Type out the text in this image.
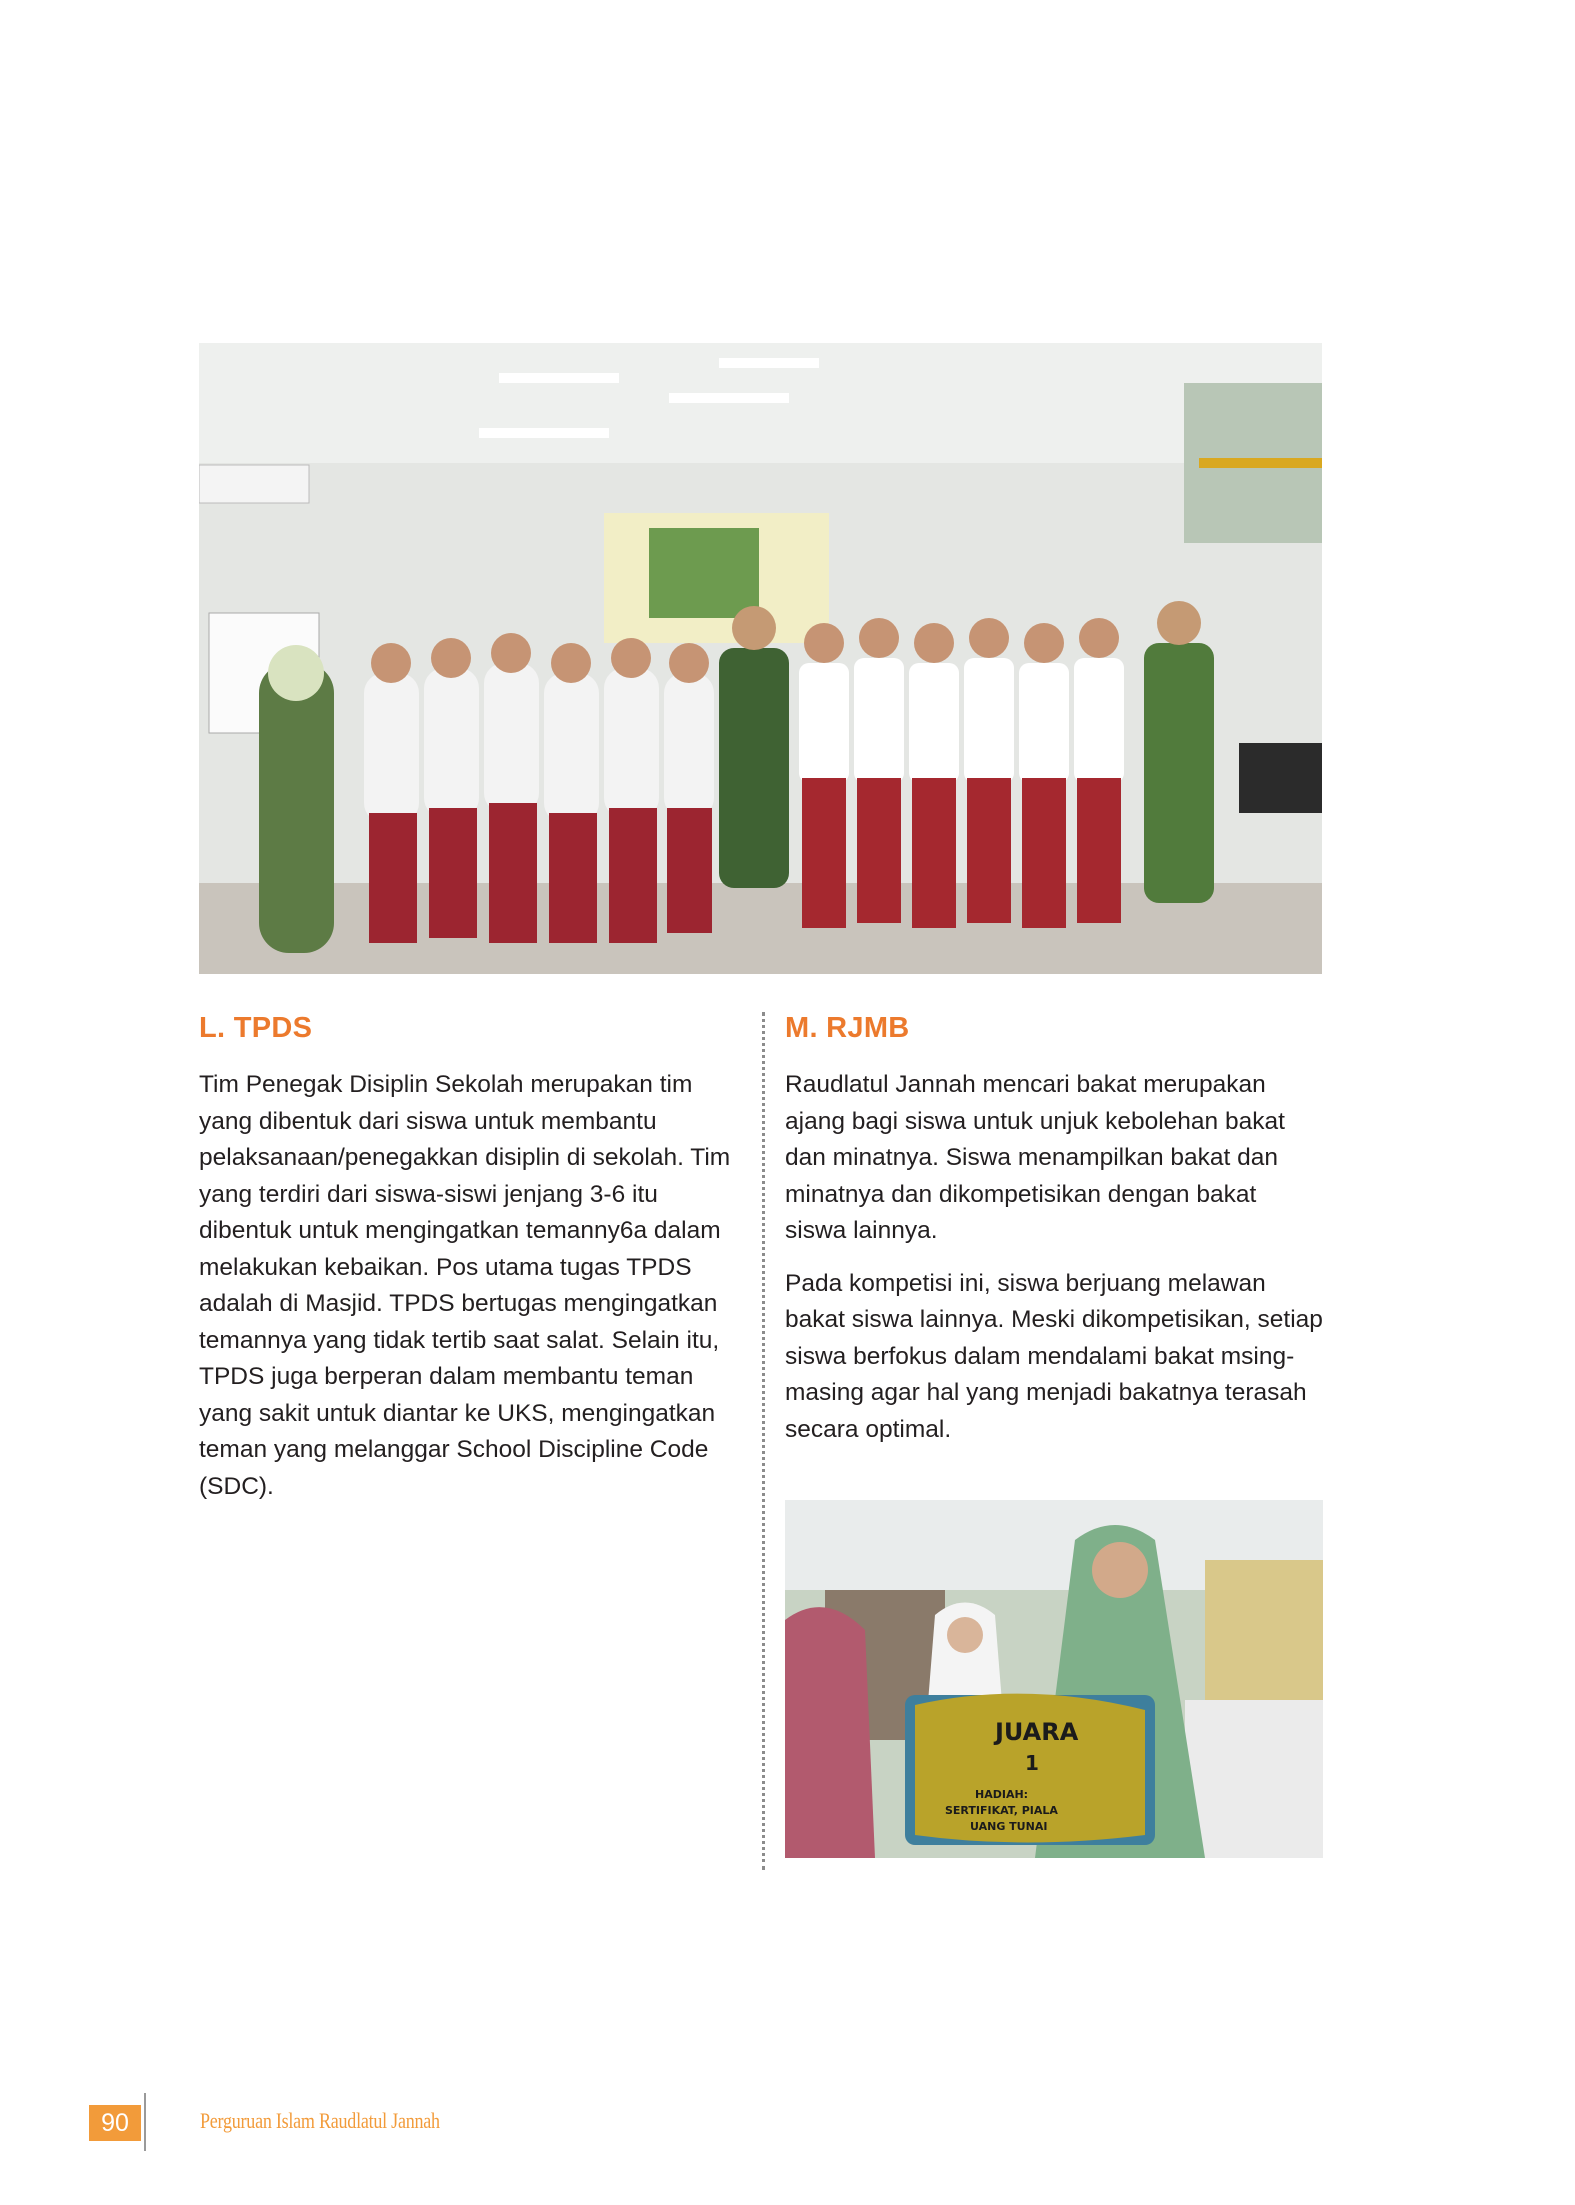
L. TPDS

Tim Penegak Disiplin Sekolah merupakan tim yang dibentuk dari siswa untuk membantu pelaksanaan/penegakkan disiplin di sekolah. Tim yang terdiri dari siswa-siswi jenjang 3-6 itu dibentuk untuk mengingatkan temanny6a dalam melakukan kebaikan. Pos utama tugas TPDS adalah di Masjid. TPDS bertugas mengingatkan temannya yang tidak tertib saat salat. Selain itu, TPDS juga berperan dalam membantu teman yang sakit untuk diantar ke UKS, mengingatkan teman yang melanggar School Discipline Code (SDC).

M. RJMB

Raudlatul Jannah mencari bakat merupakan ajang bagi siswa untuk unjuk kebolehan bakat dan minatnya. Siswa menampilkan bakat dan minatnya dan dikompetisikan dengan bakat siswa lainnya.

Pada kompetisi ini, siswa berjuang melawan bakat siswa lainnya. Meski dikompetisikan, setiap siswa berfokus dalam mendalami bakat msing-masing agar hal yang menjadi bakatnya terasah secara optimal.

JUARA
1
HADIAH:
SERTIFIKAT, PIALA
UANG TUNAI
90	Perguruan Islam Raudlatul Jannah
